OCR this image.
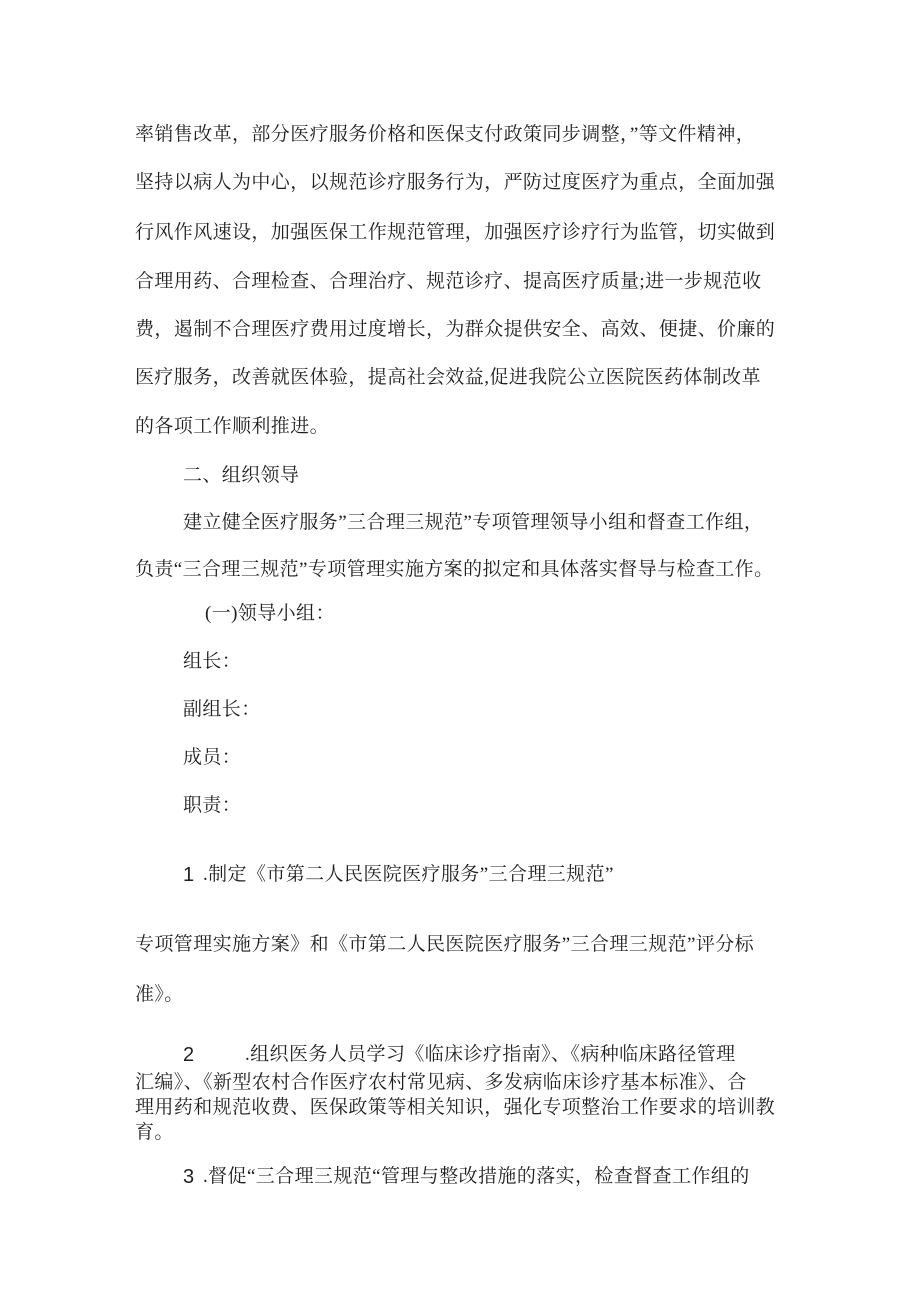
率销售改革，部分医疗服务价格和医保支付政策同步调整，”等文件精神，
坚持以病人为中心，以规范诊疗服务行为，严防过度医疗为重点，全面加强
行风作风速设，加强医保工作规范管理，加强医疗诊疗行为监管，切实做到
合理用药、合理检查、合理治疗、规范诊疗、提高医疗质量;进一步规范收
费，遏制不合理医疗费用过度增长，为群众提供安全、高效、便捷、价廉的
医疗服务，改善就医体验，提高社会效益,促进我院公立医院医药体制改革
的各项工作顺利推进。
二、组织领导
建立健全医疗服务”三合理三规范”专项管理领导小组和督查工作组，
负责“三合理三规范”专项管理实施方案的拟定和具体落实督导与检查工作。
(一)领导小组：
组长：
副组长：
成员：
职责：
1 .制定《市第二人民医院医疗服务”三合理三规范”
专项管理实施方案》和《市第二人民医院医疗服务”三合理三规范”评分标
准》。
2	.组织医务人员学习《临床诊疗指南》、《病种临床路径管理
汇编》、《新型农村合作医疗农村常见病、多发病临床诊疗基本标准》、合
理用药和规范收费、医保政策等相关知识，强化专项整治工作要求的培训教
育。
3 .督促“三合理三规范“管理与整改措施的落实，检查督查工作组的
